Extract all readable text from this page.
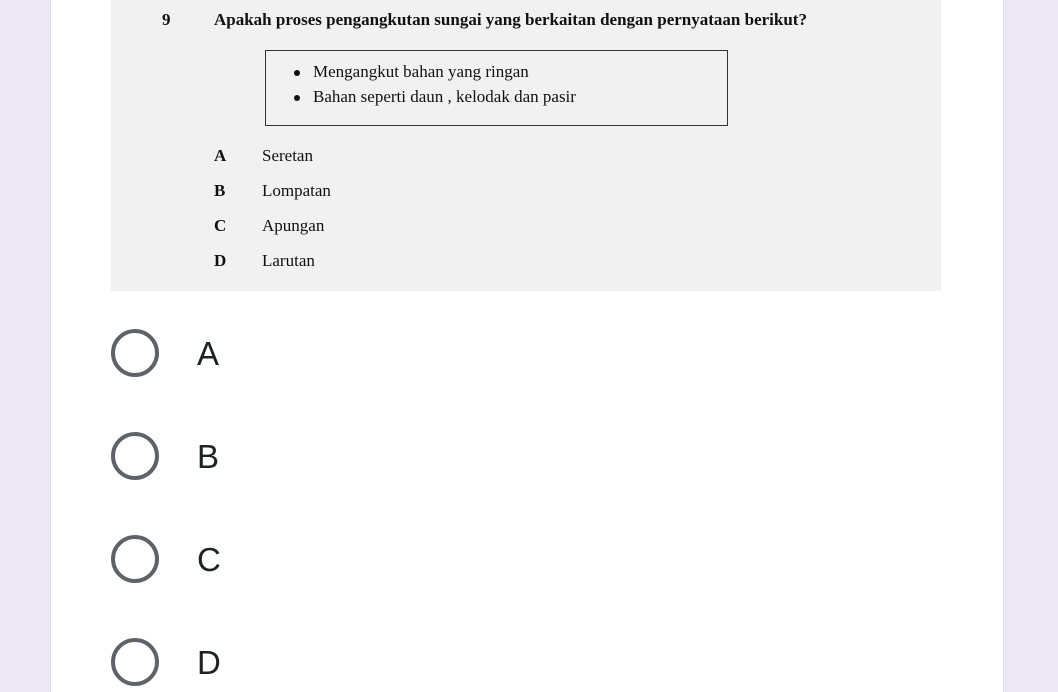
9	Apakah proses pengangkutan sungai yang berkaitan dengan pernyataan berikut?
Mengangkut bahan yang ringan
Bahan seperti daun , kelodak dan pasir
A Seretan
B Lompatan
C Apungan
D Larutan
A
B
C
D
